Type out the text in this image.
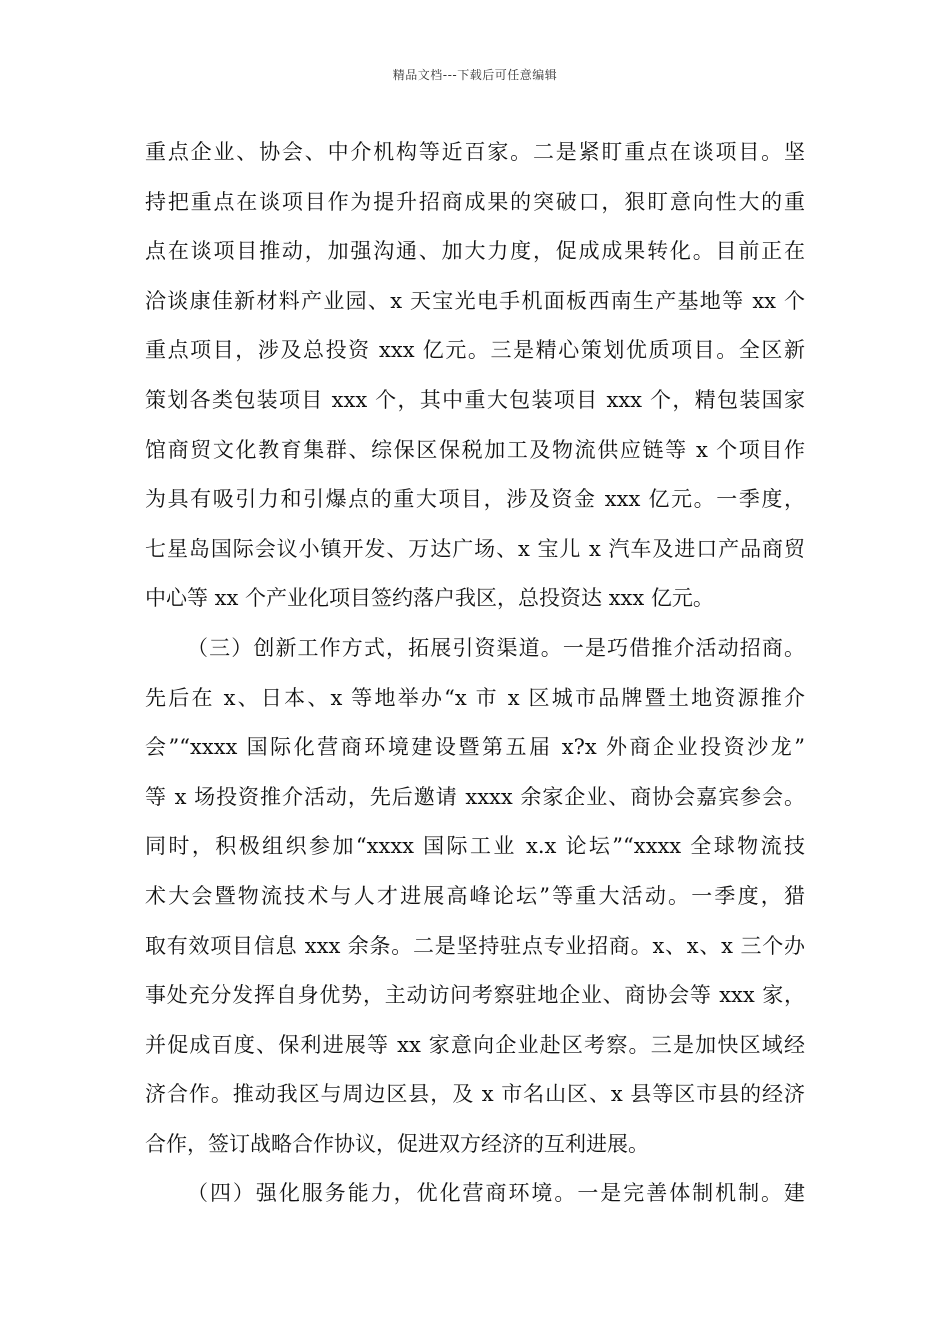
精品文档---下载后可任意编辑
重点企业、协会、中介机构等近百家。二是紧盯重点在谈项目。坚
持把重点在谈项目作为提升招商成果的突破口，狠盯意向性大的重
点在谈项目推动，加强沟通、加大力度，促成成果转化。目前正在
洽谈康佳新材料产业园、x 天宝光电手机面板西南生产基地等 xx 个
重点项目，涉及总投资 xxx 亿元。三是精心策划优质项目。全区新
策划各类包装项目 xxx 个，其中重大包装项目 xxx 个，精包装国家
馆商贸文化教育集群、综保区保税加工及物流供应链等 x 个项目作
为具有吸引力和引爆点的重大项目，涉及资金 xxx 亿元。一季度，
七星岛国际会议小镇开发、万达广场、x 宝儿 x 汽车及进口产品商贸
中心等 xx 个产业化项目签约落户我区，总投资达 xxx 亿元。
（三）创新工作方式，拓展引资渠道。一是巧借推介活动招商。
先后在 x、日本、x 等地举办“x 市 x 区城市品牌暨土地资源推介
会”“xxxx 国际化营商环境建设暨第五届 x?x 外商企业投资沙龙”
等 x 场投资推介活动，先后邀请 xxxx 余家企业、商协会嘉宾参会。
同时，积极组织参加“xxxx 国际工业 x.x 论坛”“xxxx 全球物流技
术大会暨物流技术与人才进展高峰论坛”等重大活动。一季度，猎
取有效项目信息 xxx 余条。二是坚持驻点专业招商。x、x、x 三个办
事处充分发挥自身优势，主动访问考察驻地企业、商协会等 xxx 家，
并促成百度、保利进展等 xx 家意向企业赴区考察。三是加快区域经
济合作。推动我区与周边区县，及 x 市名山区、x 县等区市县的经济
合作，签订战略合作协议，促进双方经济的互利进展。
（四）强化服务能力，优化营商环境。一是完善体制机制。建
